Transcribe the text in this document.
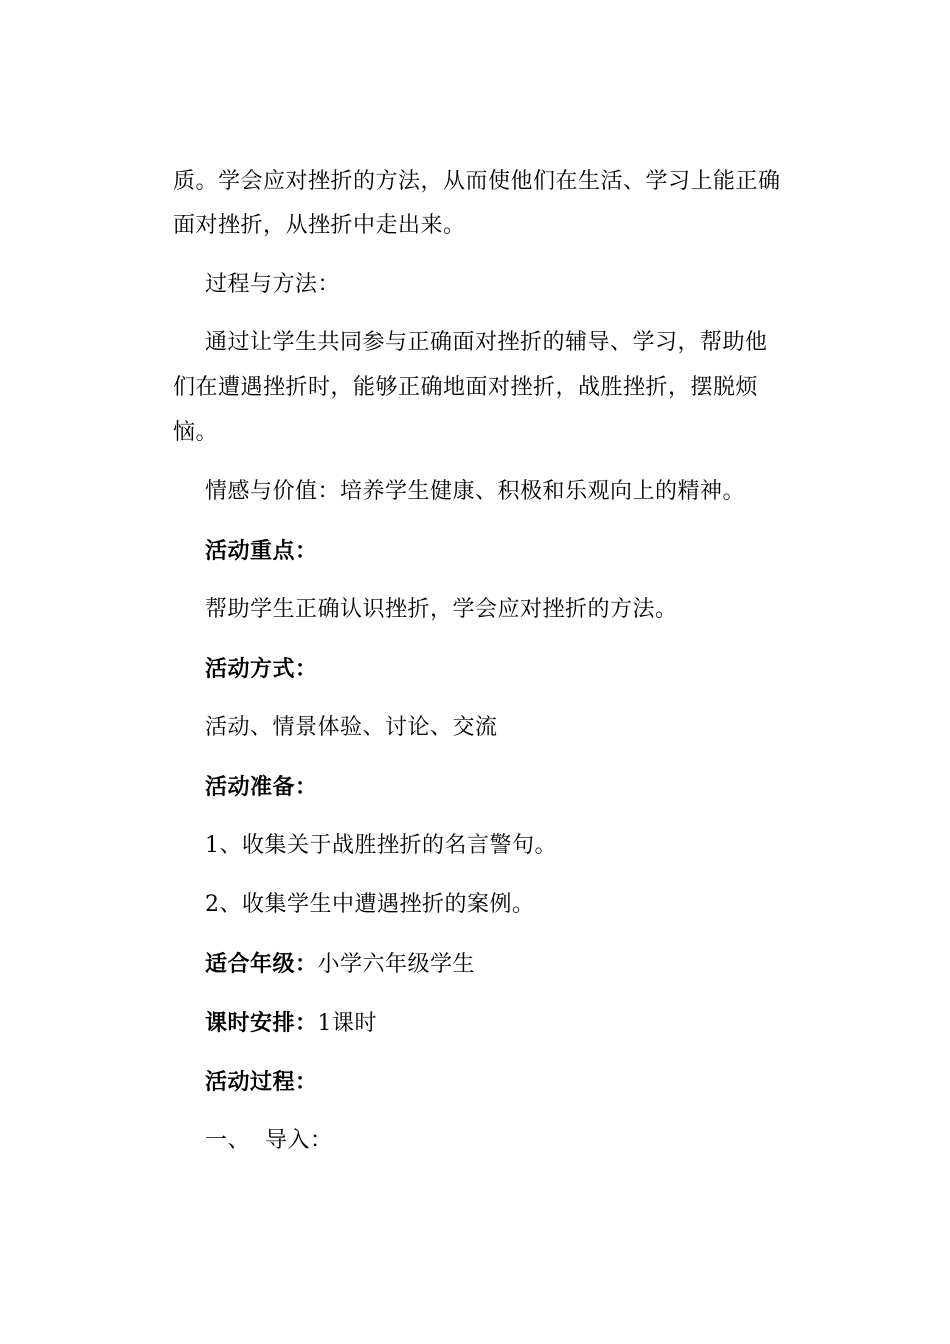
质。学会应对挫折的方法，从而使他们在生活、学习上能正确
面对挫折，从挫折中走出来。
过程与方法：
通过让学生共同参与正确面对挫折的辅导、学习，帮助他
们在遭遇挫折时，能够正确地面对挫折，战胜挫折，摆脱烦
恼。
情感与价值：培养学生健康、积极和乐观向上的精神。
活动重点：
帮助学生正确认识挫折，学会应对挫折的方法。
活动方式：
活动、情景体验、讨论、交流
活动准备：
1、收集关于战胜挫折的名言警句。
2、收集学生中遭遇挫折的案例。
适合年级：小学六年级学生
课时安排：1课时
活动过程：
一、  导入：
